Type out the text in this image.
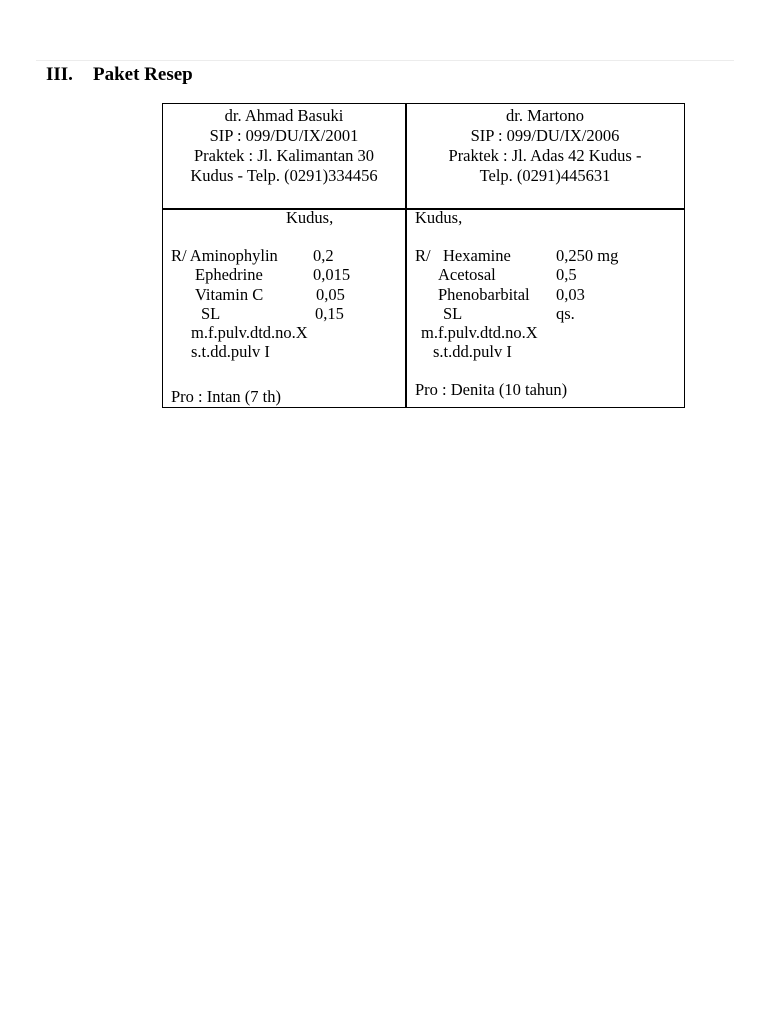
III. Paket Resep
dr. Ahmad Basuki
SIP : 099/DU/IX/2001
Praktek : Jl. Kalimantan 30
Kudus - Telp. (0291)334456
dr. Martono
SIP : 099/DU/IX/2006
Praktek : Jl. Adas 42 Kudus -
Telp. (0291)445631
Kudus,
R/ Aminophylin 0,2
Ephedrine	0,015
Vitamin C	0,05
SL	0,15
m.f.pulv.dtd.no.X
s.t.dd.pulv I
Pro : Intan (7 th)
Kudus,
R/ Hexamine	0,250 mg
Acetosal	0,5
Phenobarbital 0,03
SL	qs.
m.f.pulv.dtd.no.X
s.t.dd.pulv I
Pro : Denita (10 tahun)
